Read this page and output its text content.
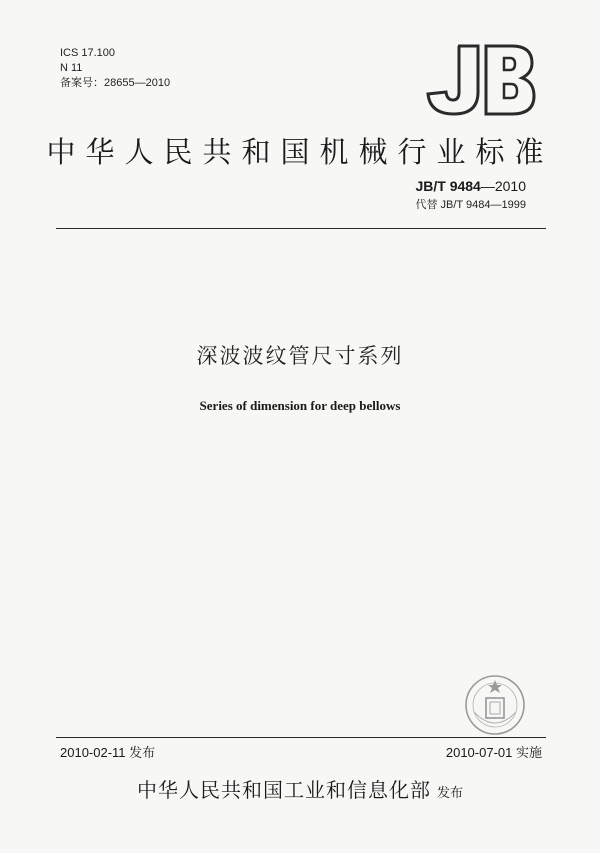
ICS 17.100
N 11
备案号：28655—2010
中华人民共和国机械行业标准
JB/T 9484—2010
代替 JB/T 9484—1999
深波波纹管尺寸系列
Series of dimension for deep bellows
2010-02-11 发布	2010-07-01 实施
中华人民共和国工业和信息化部 发布
